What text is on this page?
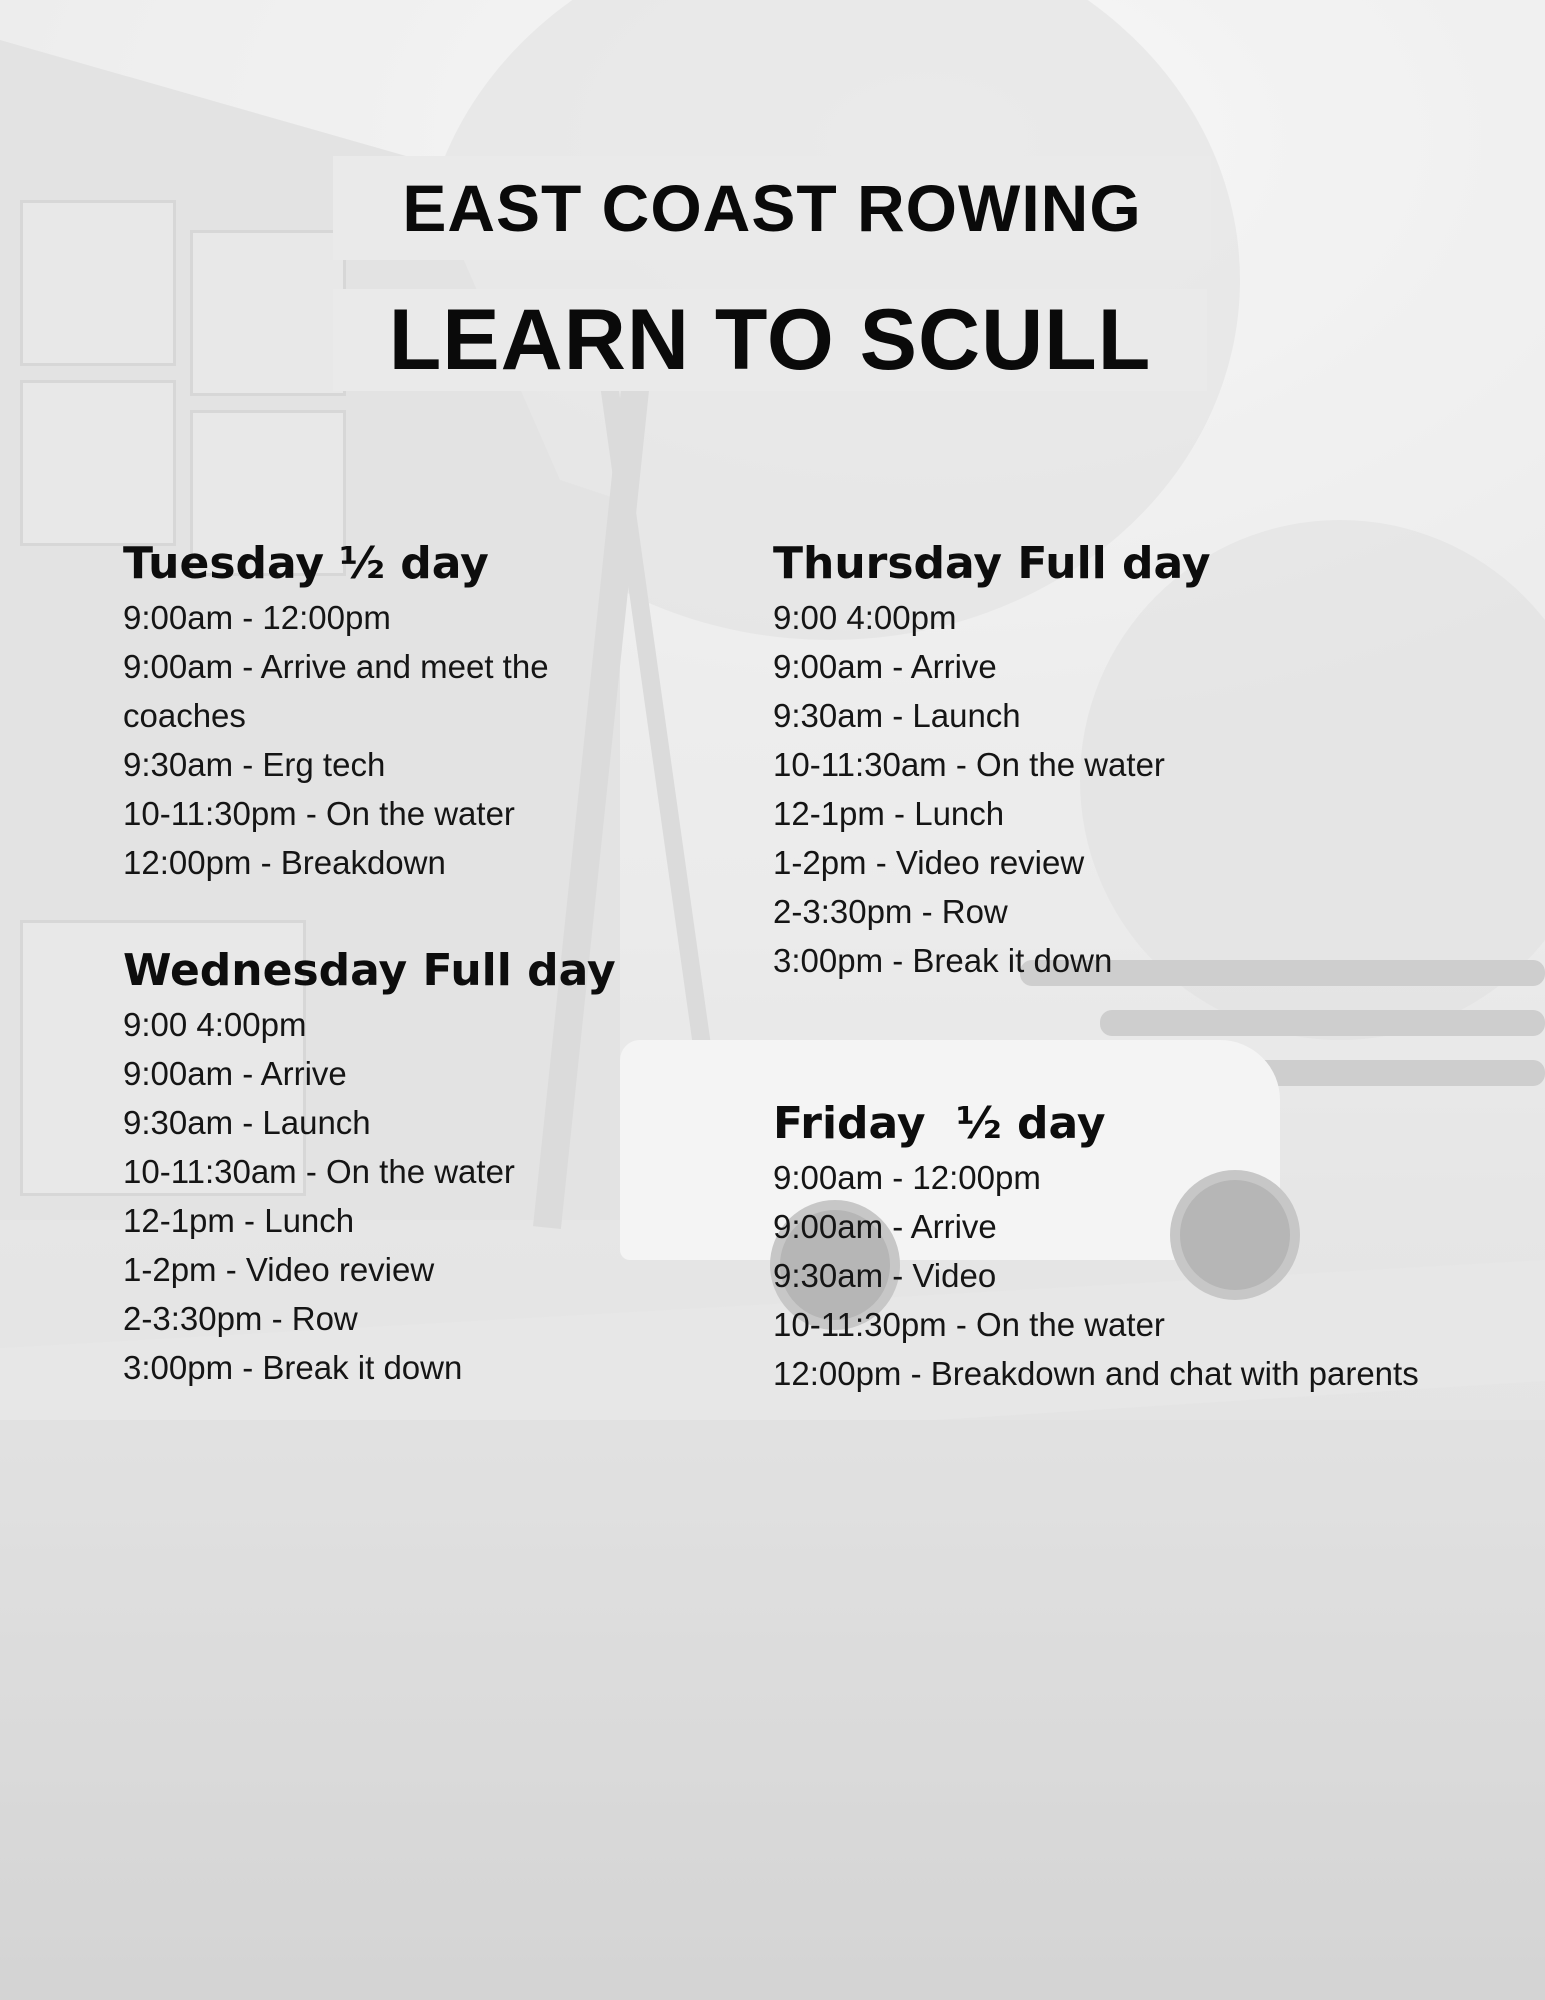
EAST COAST ROWING
LEARN TO SCULL
Tuesday ½ day
9:00am - 12:00pm
9:00am - Arrive and meet the coaches
9:30am - Erg tech
10-11:30pm - On the water
12:00pm - Breakdown
Wednesday Full day
9:00 4:00pm
9:00am - Arrive
9:30am - Launch
10-11:30am - On the water
12-1pm - Lunch
1-2pm - Video review
2-3:30pm - Row
3:00pm - Break it down
Thursday Full day
9:00 4:00pm
9:00am - Arrive
9:30am - Launch
10-11:30am - On the water
12-1pm - Lunch
1-2pm - Video review
2-3:30pm - Row
3:00pm - Break it down
Friday  ½ day
9:00am - 12:00pm
9:00am - Arrive
9:30am - Video
10-11:30pm - On the water
12:00pm - Breakdown and chat with parents
